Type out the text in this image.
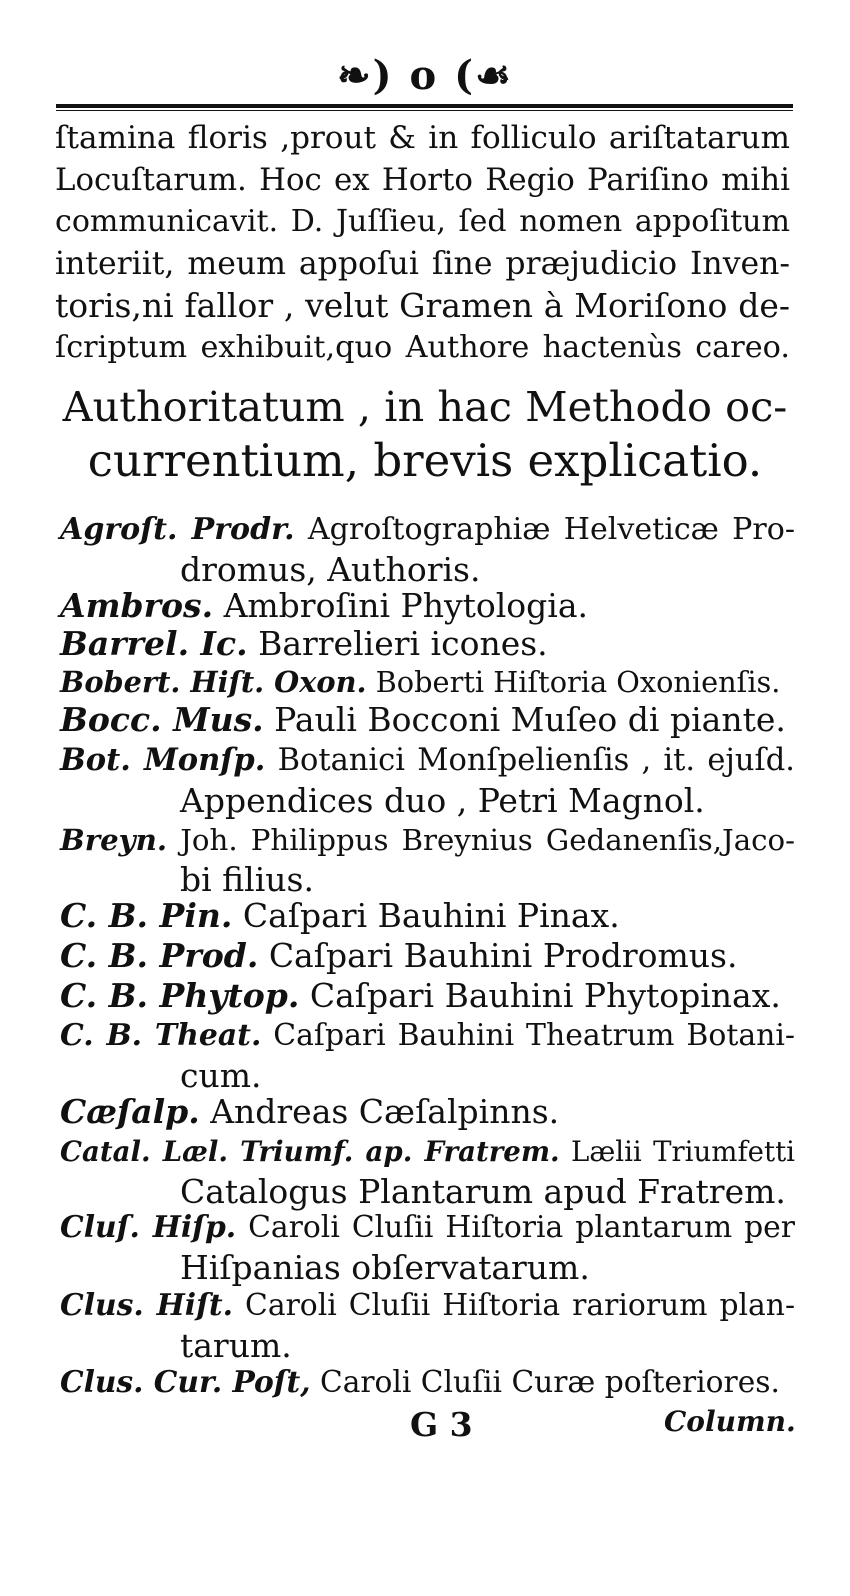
❧) o (☙
ſtamina floris ,prout & in folliculo ariſtatarum
Locuſtarum. Hoc ex Horto Regio Pariſino mihi
communicavit. D. Juſſieu, ſed nomen appoſitum
interiit, meum appoſui ſine præjudicio Inven-
toris,ni fallor , velut Gramen à Moriſono de-
ſcriptum exhibuit,quo Authore hactenùs careo.
Authoritatum , in hac Methodo oc-
currentium, brevis explicatio.
Agroſt. Prodr. Agroſtographiæ Helveticæ Pro-
dromus, Authoris.
Ambros. Ambroſini Phytologia.
Barrel. Ic. Barrelieri icones.
Bobert. Hiſt. Oxon. Boberti Hiſtoria Oxonienſis.
Bocc. Mus. Pauli Bocconi Muſeo di piante.
Bot. Monſp. Botanici Monſpelienſis , it. ejuſd.
Appendices duo , Petri Magnol.
Breyn. Joh. Philippus Breynius Gedanenſis,Jaco-
bi filius.
C. B. Pin. Caſpari Bauhini Pinax.
C. B. Prod. Caſpari Bauhini Prodromus.
C. B. Phytop. Caſpari Bauhini Phytopinax.
C. B. Theat. Caſpari Bauhini Theatrum Botani-
cum.
Cæſalp. Andreas Cæſalpinns.
Catal. Læl. Triumf. ap. Fratrem. Lælii Triumfetti
Catalogus Plantarum apud Fratrem.
Cluſ. Hiſp. Caroli Cluſii Hiſtoria plantarum per
Hiſpanias obſervatarum.
Clus. Hiſt. Caroli Cluſii Hiſtoria rariorum plan-
tarum.
Clus. Cur. Poſt, Caroli Cluſii Curæ poſteriores.
G 3	Column.
